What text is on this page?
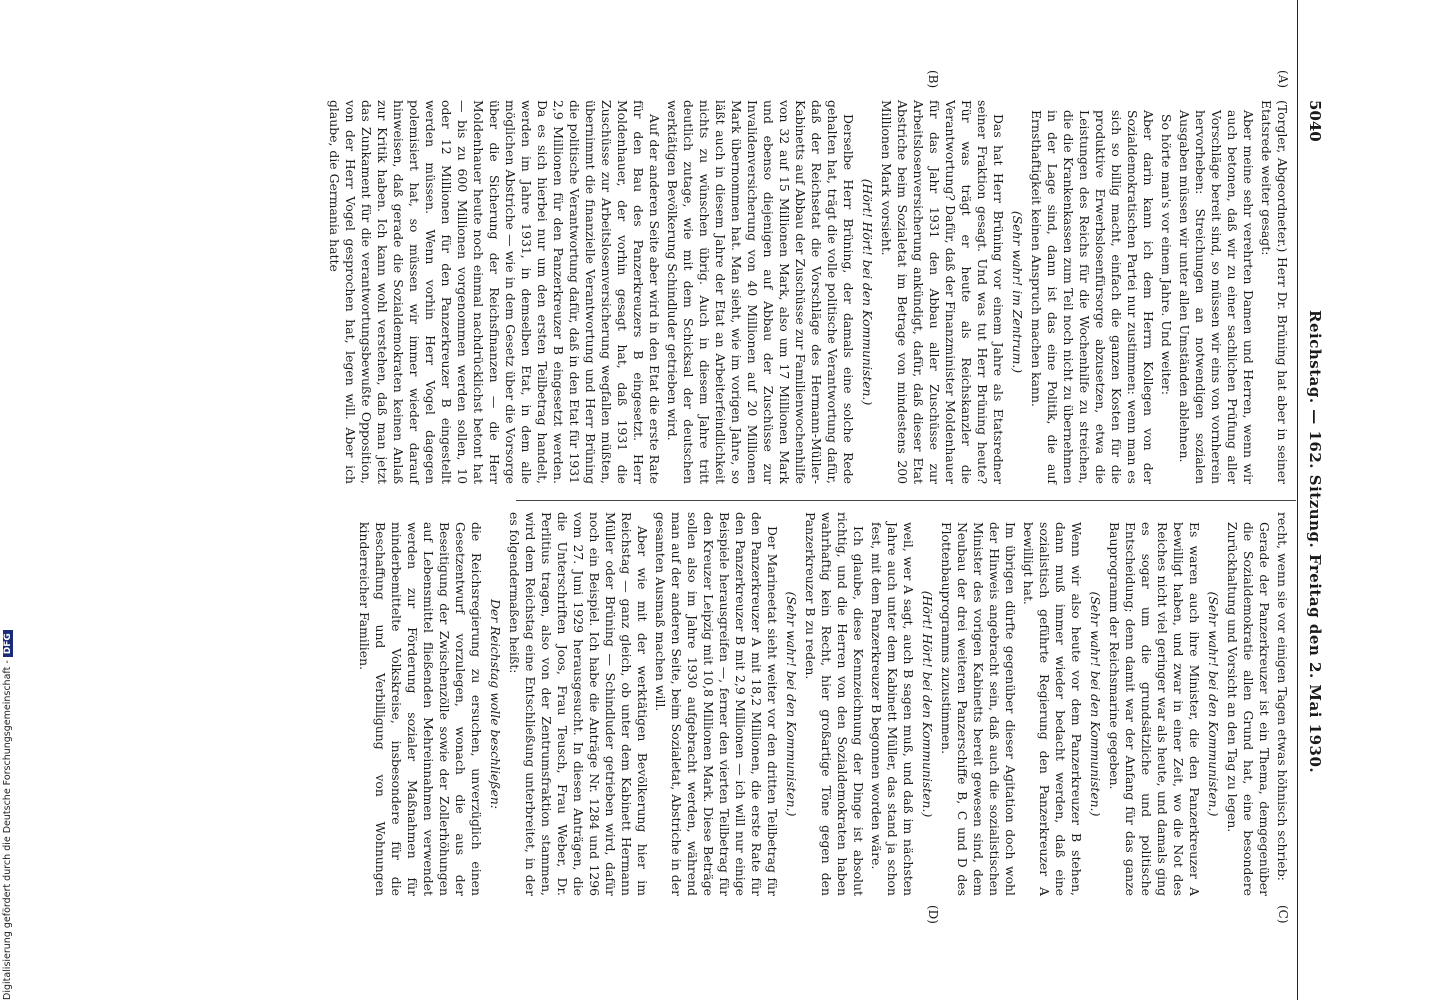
5040
Reichstag. — 162. Sitzung. Freitag den 2. Mai 1930.
(A)
(B)
(C)
(D)

(Torgler, Abgeordneter.) Herr Dr. Brüning hat aber in seiner Etatsrede weiter gesagt:

Aber meine sehr verehrten Damen und Herren, wenn wir auch betonen, daß wir zu einer sachlichen Prüfung aller Vorschläge bereit sind, so müssen wir eins von vornherein hervorheben: Streichungen an notwendigen sozialen Ausgaben müssen wir unter allen Umständen ablehnen.

So hörte man's vor einem Jahre. Und weiter:

Aber darin kann ich dem Herrn Kollegen von der Sozialdemokratischen Partei nur zustimmen: wenn man es sich so billig macht, einfach die ganzen Kosten für die produktive Erwerbslosenfürsorge abzusetzen, etwa die Leistungen des Reichs für die Wochenhilfe zu streichen, die die Krankenkassen zum Teil noch nicht zu übernehmen in der Lage sind, dann ist das eine Politik, die auf Ernsthaftigkeit keinen Anspruch machen kann.

(Sehr wahr! im Zentrum.)

Das hat Herr Brüning vor einem Jahre als Etatsredner seiner Fraktion gesagt. Und was tut Herr Brüning heute? Für was trägt er heute als Reichskanzler die Verantwortung? Dafür, daß der Finanzminister Moldenhauer für das Jahr 1931 den Abbau aller Zuschüsse zur Arbeitslosenversicherung ankündigt, dafür, daß dieser Etat Abstriche beim Sozialetat im Betrage von mindestens 200 Millionen Mark vorsieht.

(Hört! Hört! bei den Kommunisten.)

Derselbe Herr Brüning, der damals eine solche Rede gehalten hat, trägt die volle politische Verantwortung dafür, daß der Reichsetat die Vorschläge des Hermann-Müller-Kabinetts auf Abbau der Zuschüsse zur Familienwochenhilfe von 32 auf 15 Millionen Mark, also um 17 Millionen Mark und ebenso diejenigen auf Abbau der Zuschüsse zur Invalidenversicherung von 40 Millionen auf 20 Millionen Mark übernommen hat. Man sieht, wie im vorigen Jahre, so läßt auch in diesem Jahre der Etat an Arbeiterfeindlichkeit nichts zu wünschen übrig. Auch in diesem Jahre tritt deutlich zutage, wie mit dem Schicksal der deutschen werktätigen Bevölkerung Schindluder getrieben wird.

Auf der anderen Seite aber wird in den Etat die erste Rate für den Bau des Panzerkreuzers B eingesetzt. Herr Moldenhauer, der vorhin gesagt hat, daß 1931 die Zuschüsse zur Arbeitslosenversicherung wegfallen müßten, übernimmt die finanzielle Verantwortung und Herr Brüning die politische Verantwortung dafür, daß in den Etat für 1931 2,9 Millionen für den Panzerkreuzer B eingesetzt werden. Da es sich hierbei nur um den ersten Teilbetrag handelt, werden im Jahre 1931, in demselben Etat, in dem alle möglichen Abstriche — wie in dem Gesetz über die Vorsorge über die Sicherung der Reichsfinanzen — die Herr Moldenhauer heute noch einmal nachdrücklichst betont hat — bis zu 600 Millionen vorgenommen werden sollen, 10 oder 12 Millionen für den Panzerkreuzer B eingestellt werden müssen. Wenn vorhin Herr Vogel dagegen polemisiert hat, so müssen wir immer wieder darauf hinweisen, daß gerade die Sozialdemokraten keinen Anlaß zur Kritik haben. Ich kann wohl verstehen, daß man jetzt das Zunkament für die verantwortungsbewußte Opposition, von der Herr Vogel gesprochen hat, legen will. Aber ich glaube, die Germania hatte

recht, wenn sie vor einigen Tagen etwas höhnisch schrieb:

Gerade der Panzerkreuzer ist ein Thema, demgegenüber die Sozialdemokratie allen Grund hat, eine besondere Zurückhaltung und Vorsicht an den Tag zu legen.

(Sehr wahr! bei den Kommunisten.)

Es waren auch ihre Minister, die den Panzerkreuzer A bewilligt haben, und zwar in einer Zeit, wo die Not des Reiches nicht viel geringer war als heute, und damals ging es sogar um die grundsätzliche und politische Entscheidung; denn damit war der Anfang für das ganze Bauprogramm der Reichsmarine gegeben.

(Sehr wahr! bei den Kommunisten.)

Wenn wir also heute vor dem Panzerkreuzer B stehen, dann muß immer wieder bedacht werden, daß eine sozialistisch geführte Regierung den Panzerkreuzer A bewilligt hat.

Im übrigen dürfte gegenüber dieser Agitation doch wohl der Hinweis angebracht sein, daß auch die sozialistischen Minister des vorigen Kabinetts bereit gewesen sind, dem Neubau der drei weiteren Panzerschiffe B, C und D des Flottenbauprogramms zuzustimmen.

(Hört! Hört! bei den Kommunisten.)

weil, wer A sagt, auch B sagen muß, und daß im nächsten Jahre auch unter dem Kabinett Müller, das stand ja schon fest, mit dem Panzerkreuzer B begonnen worden wäre.

Ich glaube, diese Kennzeichnung der Dinge ist absolut richtig, und die Herren von den Sozialdemokraten haben wahrhaftig kein Recht, hier großartige Töne gegen den Panzerkreuzer B zu reden.

(Sehr wahr! bei den Kommunisten.)

Der Marineetat sieht weiter vor den dritten Teilbetrag für den Panzerkreuzer A mit 18,2 Millionen, die erste Rate für den Panzerkreuzer B mit 2,9 Millionen — ich will nur einige Beispiele herausgreifen —, ferner den vierten Teilbetrag für den Kreuzer Leipzig mit 10,8 Millionen Mark. Diese Beträge sollen also im Jahre 1930 aufgebracht werden, während man auf der anderen Seite, beim Sozialetat, Abstriche in der gesamten Ausmaß machen will.

Aber wie mit der werktätigen Bevölkerung hier im Reichstag — ganz gleich, ob unter dem Kabinett Hermann Müller oder Brüning — Schindluder getrieben wird, dafür noch ein Beispiel. Ich habe die Anträge Nr. 1284 und 1296 vom 27. Juni 1929 herausgesucht. In diesen Anträgen, die die Unterschriften Joos, Frau Teusch, Frau Weber, Dr. Perlitius tragen, also von der Zentrumsfraktion stammen, wird dem Reichstag eine Entschließung unterbreitet, in der es folgendermaßen heißt:

Der Reichstag wolle beschließen:

die Reichsregierung zu ersuchen, unverzüglich einen Gesetzentwurf vorzulegen, wonach die aus der Beseitigung der Zwischenzölle sowie der Zollerhöhungen auf Lebensmittel fließenden Mehreinnahmen verwendet werden zur Förderung sozialer Maßnahmen für minderbemittelte Volkskreise, insbesondere für die Beschaffung und Verbilligung von Wohnungen kinderreicher Familien.

Digitalisierung gefördert durch die Deutsche Forschungsgemeinschaft -DFG
